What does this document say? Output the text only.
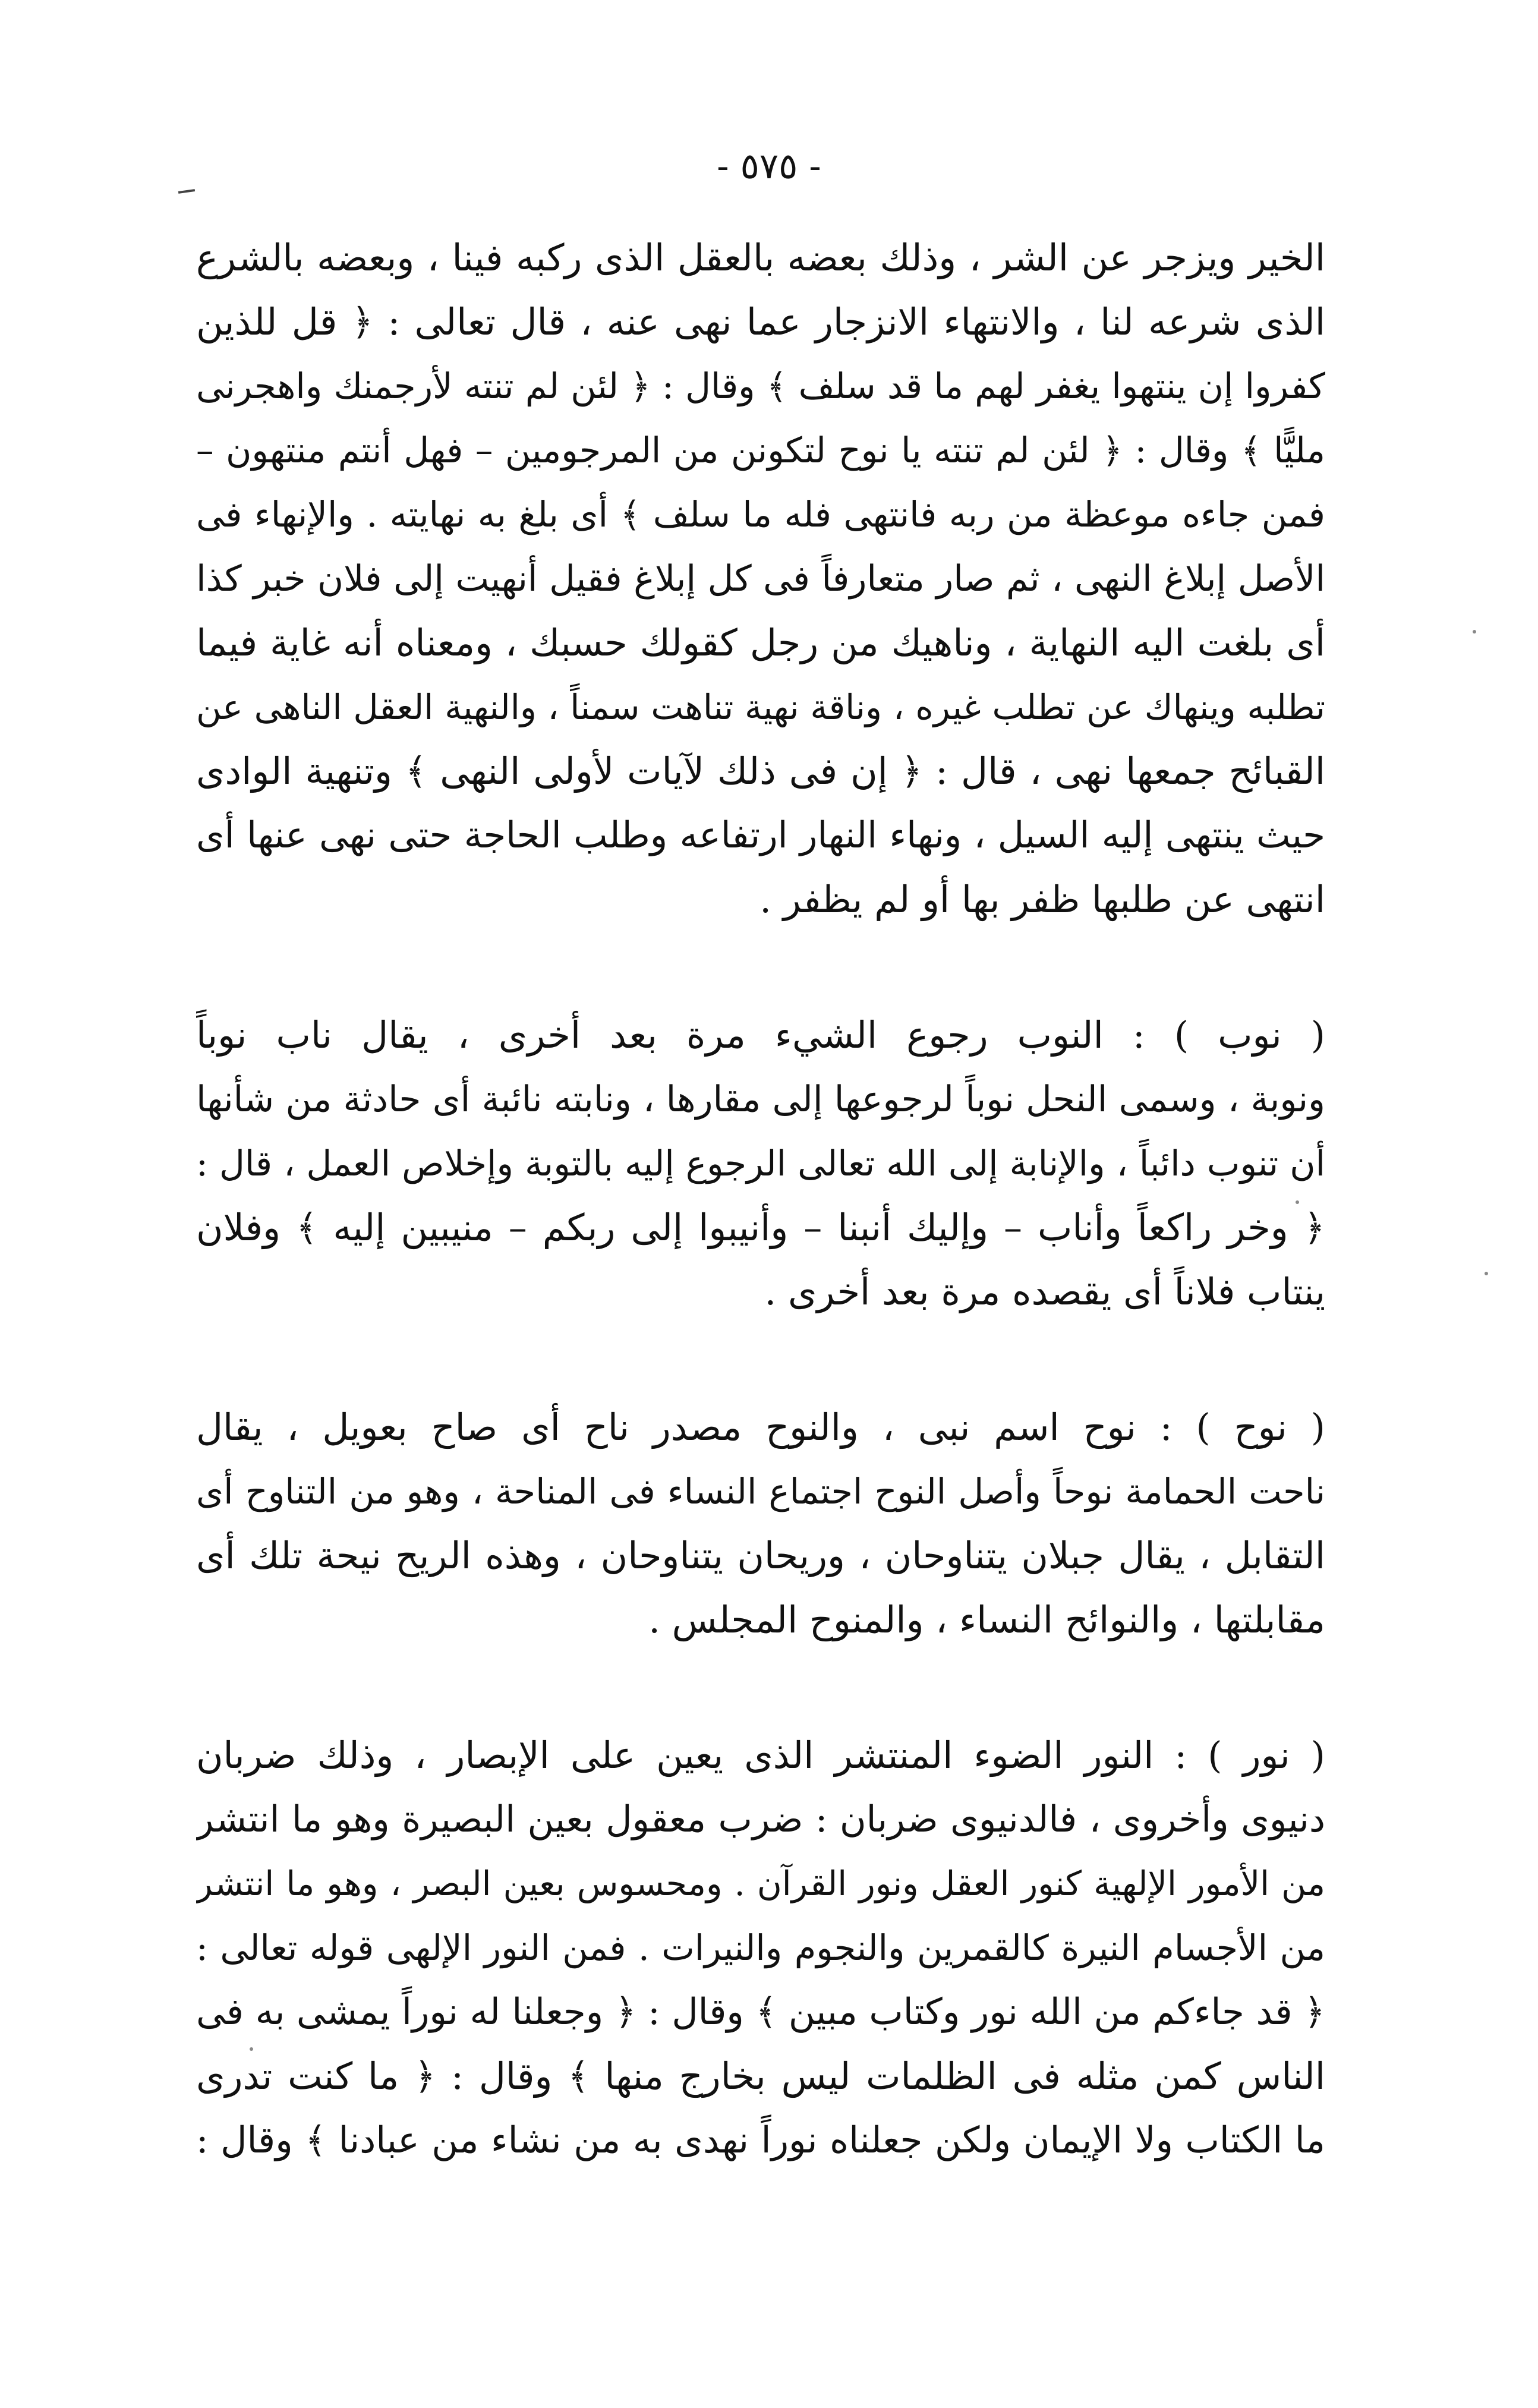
- ٥٧٥ -
الخير ويزجر عن الشر ، وذلك بعضه بالعقل الذى ركبه فينا ، وبعضه بالشرع
الذى شرعه لنا ، والانتهاء الانزجار عما نهى عنه ، قال تعالى : ﴿ قل للذين
كفروا إن ينتهوا يغفر لهم ما قد سلف ﴾ وقال : ﴿ لئن لم تنته لأرجمنك واهجرنى
مليًّا ﴾ وقال : ﴿ لئن لم تنته يا نوح لتكونن من المرجومين – فهل أنتم منتهون –
فمن جاءه موعظة من ربه فانتهى فله ما سلف ﴾ أى بلغ به نهايته . والإنهاء فى
الأصل إبلاغ النهى ، ثم صار متعارفاً فى كل إبلاغ فقيل أنهيت إلى فلان خبر كذا
أى بلغت اليه النهاية ، وناهيك من رجل كقولك حسبك ، ومعناه أنه غاية فيما
تطلبه وينهاك عن تطلب غيره ، وناقة نهية تناهت سمناً ، والنهية العقل الناهى عن
القبائح جمعها نهى ، قال : ﴿ إن فى ذلك لآيات لأولى النهى ﴾ وتنهية الوادى
حيث ينتهى إليه السيل ، ونهاء النهار ارتفاعه وطلب الحاجة حتى نهى عنها أى
انتهى عن طلبها ظفر بها أو لم يظفر .
( نوب ) : النوب رجوع الشيء مرة بعد أخرى ، يقال ناب نوباً
ونوبة ، وسمى النحل نوباً لرجوعها إلى مقارها ، ونابته نائبة أى حادثة من شأنها
أن تنوب دائباً ، والإنابة إلى الله تعالى الرجوع إليه بالتوبة وإخلاص العمل ، قال :
﴿ وخر راكعاً وأناب – وإليك أنبنا – وأنيبوا إلى ربكم – منيبين إليه ﴾ وفلان
ينتاب فلاناً أى يقصده مرة بعد أخرى .
( نوح ) : نوح اسم نبى ، والنوح مصدر ناح أى صاح بعويل ، يقال
ناحت الحمامة نوحاً وأصل النوح اجتماع النساء فى المناحة ، وهو من التناوح أى
التقابل ، يقال جبلان يتناوحان ، وريحان يتناوحان ، وهذه الريح نيحة تلك أى
مقابلتها ، والنوائح النساء ، والمنوح المجلس .
( نور ) : النور الضوء المنتشر الذى يعين على الإبصار ، وذلك ضربان
دنيوى وأخروى ، فالدنيوى ضربان : ضرب معقول بعين البصيرة وهو ما انتشر
من الأمور الإلهية كنور العقل ونور القرآن . ومحسوس بعين البصر ، وهو ما انتشر
من الأجسام النيرة كالقمرين والنجوم والنيرات . فمن النور الإلهى قوله تعالى :
﴿ قد جاءكم من الله نور وكتاب مبين ﴾ وقال : ﴿ وجعلنا له نوراً يمشى به فى
الناس كمن مثله فى الظلمات ليس بخارج منها ﴾ وقال : ﴿ ما كنت تدرى
ما الكتاب ولا الإيمان ولكن جعلناه نوراً نهدى به من نشاء من عبادنا ﴾ وقال :
